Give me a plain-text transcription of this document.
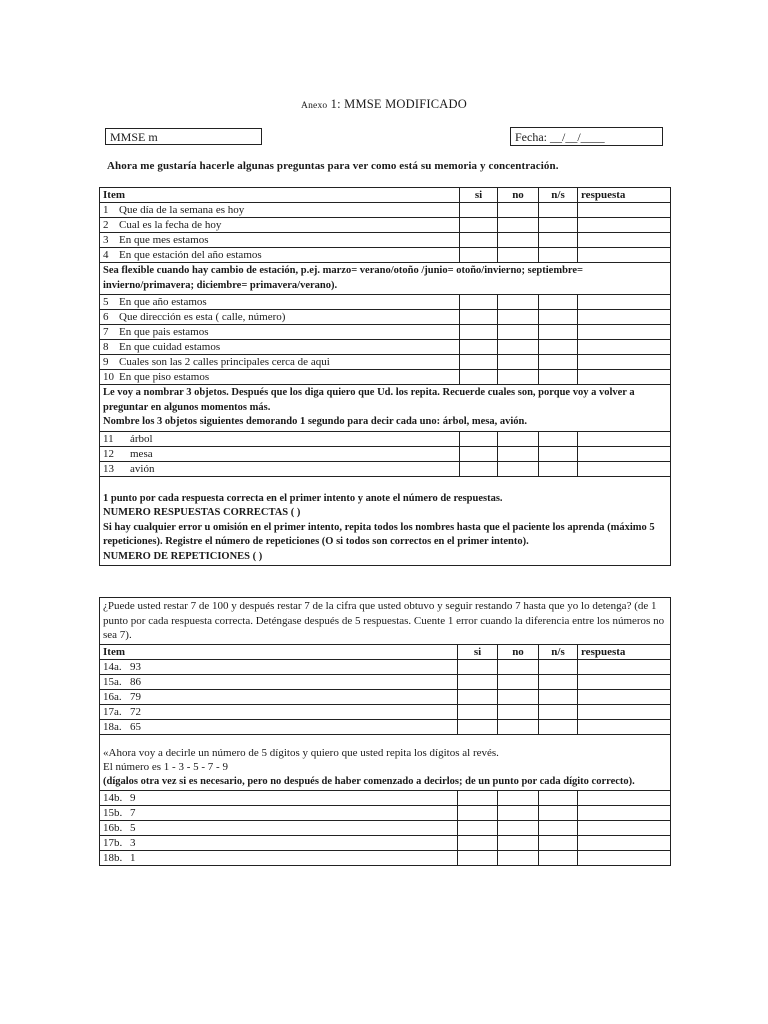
Anexo 1: MMSE MODIFICADO
MMSE m	Fecha: __/__/____
Ahora me gustaría hacerle algunas preguntas para ver como está su memoria y concentración.
Item	si	no	n/s	respuesta
1 Que día de la semana es hoy				
2 Cual es la fecha de hoy				
3 En que mes estamos				
4 En que estación del año estamos				

Sea flexible cuando hay cambio de estación, p.ej. marzo= verano/otoño /junio= otoño/invierno; septiembre= invierno/primavera; diciembre= primavera/verano).				

5 En que año estamos				
6 Que dirección es esta ( calle, número)				
7 En que pais estamos				
8 En que cuidad estamos				
9 Cuales son las 2 calles principales cerca de aqui				
10 En que piso estamos				

Le voy a nombrar 3 objetos. Después que los diga quiero que Ud. los repita. Recuerde cuales son, porque voy a volver a preguntar en algunos momentos más.
Nombre los 3 objetos siguientes demorando 1 segundo para decir cada uno: árbol, mesa, avión.				

11 árbol				
12 mesa				
13 avión				

1 punto por cada respuesta correcta en el primer intento y anote el número de respuestas.
NUMERO RESPUESTAS CORRECTAS ( )
Si hay cualquier error u omisión en el primer intento, repita todos los nombres hasta que el paciente los aprenda (máximo 5 repeticiones). Registre el número de repeticiones (O si todos son correctos en el primer intento).
NUMERO DE REPETICIONES ( )				
¿Puede usted restar 7 de 100 y después restar 7 de la cifra que usted obtuvo y seguir restando 7 hasta que yo lo detenga? (de 1 punto por cada respuesta correcta. Deténgase después de 5 respuestas. Cuente 1 error cuando la diferencia entre los números no sea 7).				

Item	si	no	n/s	respuesta
14a. 93				
15a. 86				
16a. 79				
17a. 72				
18a. 65				

«Ahora voy a decirle un número de 5 dígitos y quiero que usted repita los dígitos al revés.
El número es 1 - 3 - 5 - 7 - 9
(dígalos otra vez si es necesario, pero no después de haber comenzado a decirlos; de un punto por cada dígito correcto).				

14b. 9				
15b. 7				
16b. 5				
17b. 3				
18b. 1				
